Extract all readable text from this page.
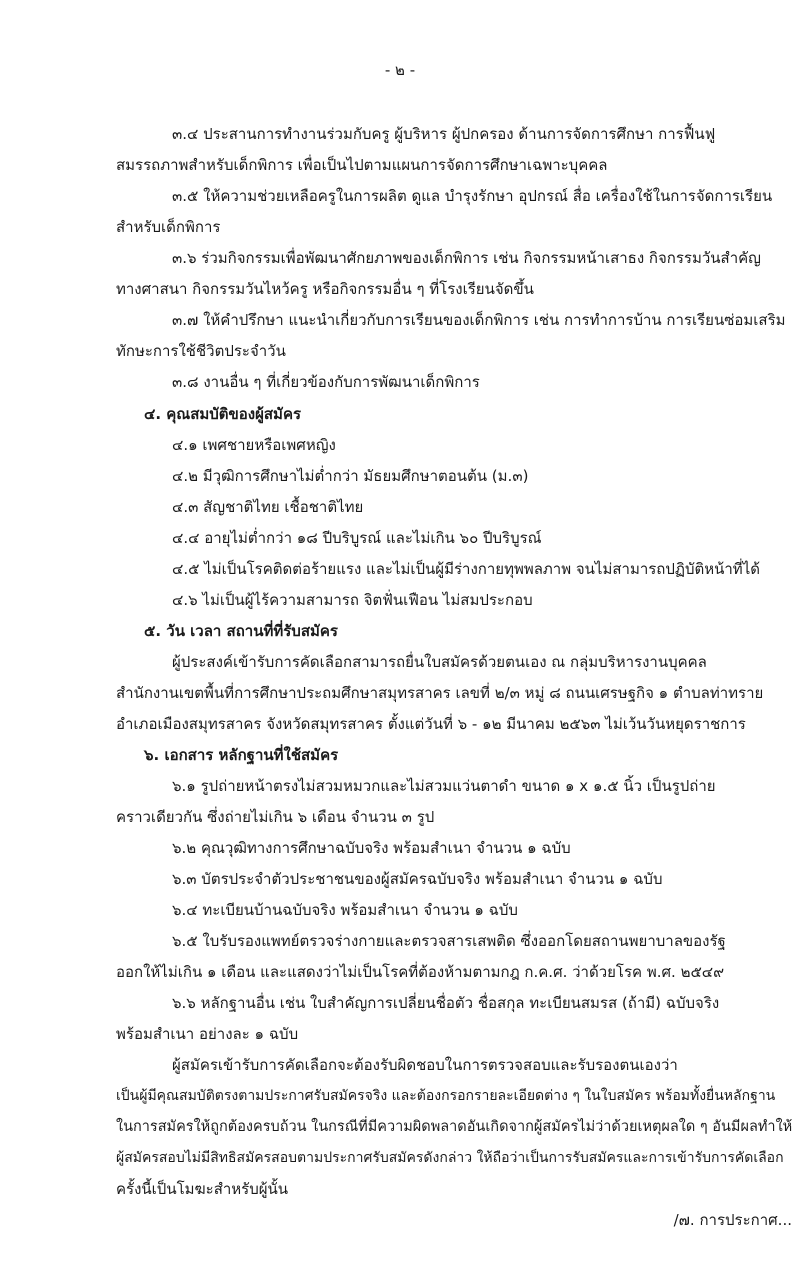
- ๒ -
๓.๔ ประสานการทำงานร่วมกับครู ผู้บริหาร ผู้ปกครอง ด้านการจัดการศึกษา การฟื้นฟู
สมรรถภาพสำหรับเด็กพิการ เพื่อเป็นไปตามแผนการจัดการศึกษาเฉพาะบุคคล
๓.๕ ให้ความช่วยเหลือครูในการผลิต ดูแล บำรุงรักษา อุปกรณ์ สื่อ เครื่องใช้ในการจัดการเรียน
สำหรับเด็กพิการ
๓.๖ ร่วมกิจกรรมเพื่อพัฒนาศักยภาพของเด็กพิการ เช่น กิจกรรมหน้าเสาธง กิจกรรมวันสำคัญ
ทางศาสนา กิจกรรมวันไหว้ครู หรือกิจกรรมอื่น ๆ ที่โรงเรียนจัดขึ้น
๓.๗ ให้คำปรึกษา แนะนำเกี่ยวกับการเรียนของเด็กพิการ เช่น การทำการบ้าน การเรียนซ่อมเสริม
ทักษะการใช้ชีวิตประจำวัน
๓.๘ งานอื่น ๆ ที่เกี่ยวข้องกับการพัฒนาเด็กพิการ
๔. คุณสมบัติของผู้สมัคร
๔.๑ เพศชายหรือเพศหญิง
๔.๒ มีวุฒิการศึกษาไม่ต่ำกว่า มัธยมศึกษาตอนต้น (ม.๓)
๔.๓ สัญชาติไทย เชื้อชาติไทย
๔.๔ อายุไม่ต่ำกว่า ๑๘ ปีบริบูรณ์ และไม่เกิน ๖๐ ปีบริบูรณ์
๔.๕ ไม่เป็นโรคติดต่อร้ายแรง และไม่เป็นผู้มีร่างกายทุพพลภาพ จนไม่สามารถปฏิบัติหน้าที่ได้
๔.๖ ไม่เป็นผู้ไร้ความสามารถ จิตฟั่นเฟือน ไม่สมประกอบ
๕. วัน เวลา สถานที่ที่รับสมัคร
ผู้ประสงค์เข้ารับการคัดเลือกสามารถยื่นใบสมัครด้วยตนเอง ณ กลุ่มบริหารงานบุคคล
สำนักงานเขตพื้นที่การศึกษาประถมศึกษาสมุทรสาคร เลขที่ ๒/๓ หมู่ ๘ ถนนเศรษฐกิจ ๑ ตำบลท่าทราย
อำเภอเมืองสมุทรสาคร จังหวัดสมุทรสาคร ตั้งแต่วันที่ ๖ - ๑๒ มีนาคม ๒๕๖๓ ไม่เว้นวันหยุดราชการ
๖. เอกสาร หลักฐานที่ใช้สมัคร
๖.๑ รูปถ่ายหน้าตรงไม่สวมหมวกและไม่สวมแว่นตาดำ ขนาด ๑ x ๑.๕ นิ้ว เป็นรูปถ่าย
คราวเดียวกัน ซึ่งถ่ายไม่เกิน ๖ เดือน จำนวน ๓ รูป
๖.๒ คุณวุฒิทางการศึกษาฉบับจริง พร้อมสำเนา จำนวน ๑ ฉบับ
๖.๓ บัตรประจำตัวประชาชนของผู้สมัครฉบับจริง พร้อมสำเนา จำนวน ๑ ฉบับ
๖.๔ ทะเบียนบ้านฉบับจริง พร้อมสำเนา จำนวน ๑ ฉบับ
๖.๕ ใบรับรองแพทย์ตรวจร่างกายและตรวจสารเสพติด ซึ่งออกโดยสถานพยาบาลของรัฐ
ออกให้ไม่เกิน ๑ เดือน และแสดงว่าไม่เป็นโรคที่ต้องห้ามตามกฎ ก.ค.ศ. ว่าด้วยโรค พ.ศ. ๒๕๔๙
๖.๖ หลักฐานอื่น เช่น ใบสำคัญการเปลี่ยนชื่อตัว ชื่อสกุล ทะเบียนสมรส (ถ้ามี) ฉบับจริง
พร้อมสำเนา อย่างละ ๑ ฉบับ
ผู้สมัครเข้ารับการคัดเลือกจะต้องรับผิดชอบในการตรวจสอบและรับรองตนเองว่า
เป็นผู้มีคุณสมบัติตรงตามประกาศรับสมัครจริง และต้องกรอกรายละเอียดต่าง ๆ ในใบสมัคร พร้อมทั้งยื่นหลักฐาน
ในการสมัครให้ถูกต้องครบถ้วน ในกรณีที่มีความผิดพลาดอันเกิดจากผู้สมัครไม่ว่าด้วยเหตุผลใด ๆ อันมีผลทำให้
ผู้สมัครสอบไม่มีสิทธิสมัครสอบตามประกาศรับสมัครดังกล่าว ให้ถือว่าเป็นการรับสมัครและการเข้ารับการคัดเลือก
ครั้งนี้เป็นโมฆะสำหรับผู้นั้น
/๗. การประกาศ...
